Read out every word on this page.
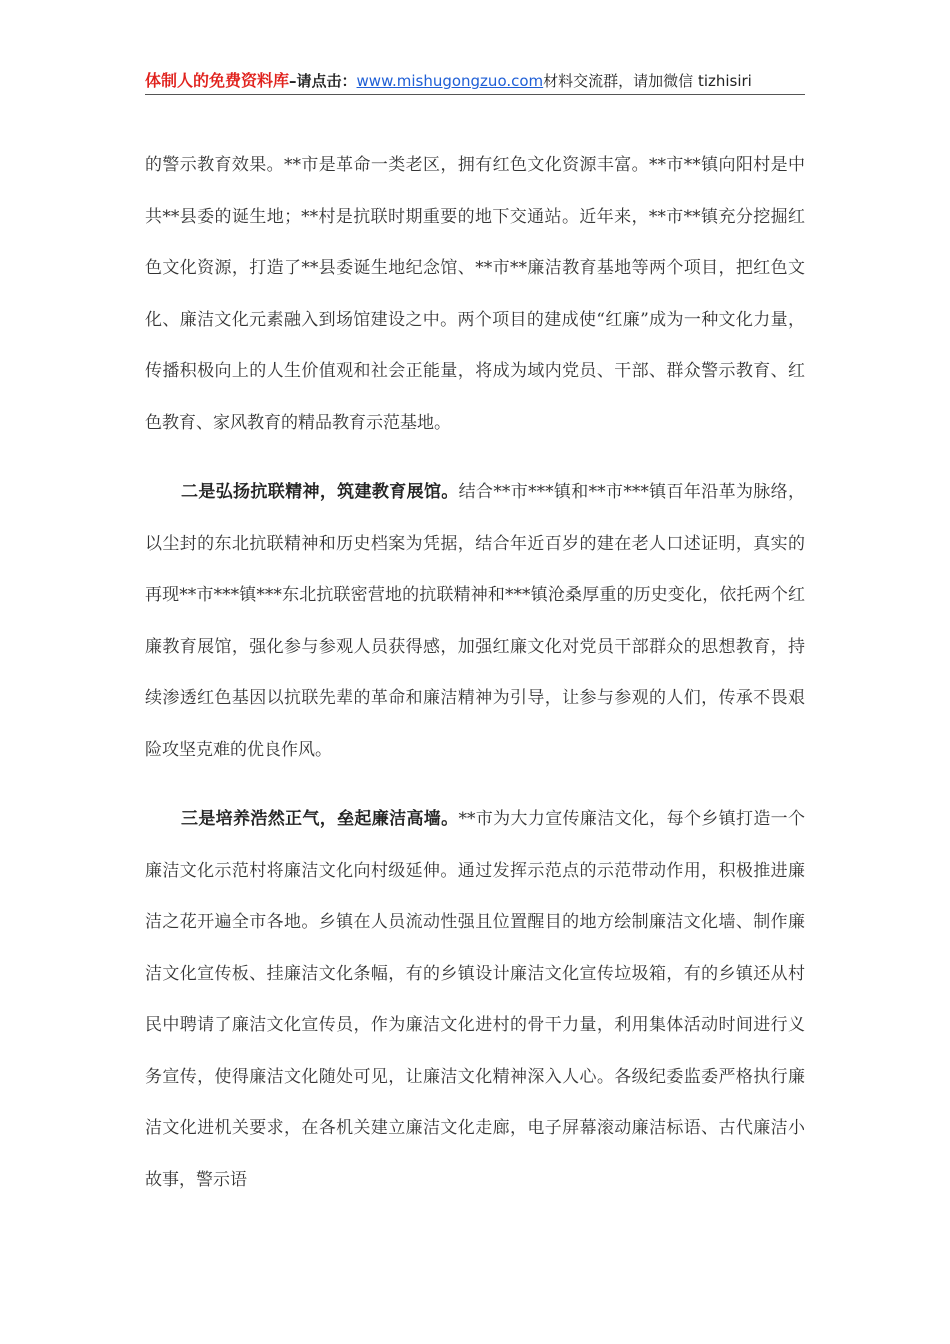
体制人的免费资料库–请点击：www.mishugongzuo.com材料交流群，请加微信 tizhisiri

的警示教育效果。**市是革命一类老区，拥有红色文化资源丰富。**市**镇向阳村是中共**县委的诞生地；**村是抗联时期重要的地下交通站。近年来，**市**镇充分挖掘红色文化资源，打造了**县委诞生地纪念馆、**市**廉洁教育基地等两个项目，把红色文化、廉洁文化元素融入到场馆建设之中。两个项目的建成使“红廉”成为一种文化力量，传播积极向上的人生价值观和社会正能量，将成为域内党员、干部、群众警示教育、红色教育、家风教育的精品教育示范基地。

二是弘扬抗联精神，筑建教育展馆。结合**市***镇和**市***镇百年沿革为脉络，以尘封的东北抗联精神和历史档案为凭据，结合年近百岁的建在老人口述证明，真实的再现**市***镇***东北抗联密营地的抗联精神和***镇沧桑厚重的历史变化，依托两个红廉教育展馆，强化参与参观人员获得感，加强红廉文化对党员干部群众的思想教育，持续渗透红色基因以抗联先辈的革命和廉洁精神为引导，让参与参观的人们，传承不畏艰险攻坚克难的优良作风。

三是培养浩然正气，垒起廉洁高墙。**市为大力宣传廉洁文化，每个乡镇打造一个廉洁文化示范村将廉洁文化向村级延伸。通过发挥示范点的示范带动作用，积极推进廉洁之花开遍全市各地。乡镇在人员流动性强且位置醒目的地方绘制廉洁文化墙、制作廉洁文化宣传板、挂廉洁文化条幅，有的乡镇设计廉洁文化宣传垃圾箱，有的乡镇还从村民中聘请了廉洁文化宣传员，作为廉洁文化进村的骨干力量，利用集体活动时间进行义务宣传，使得廉洁文化随处可见，让廉洁文化精神深入人心。各级纪委监委严格执行廉洁文化进机关要求，在各机关建立廉洁文化走廊，电子屏幕滚动廉洁标语、古代廉洁小故事，警示语
